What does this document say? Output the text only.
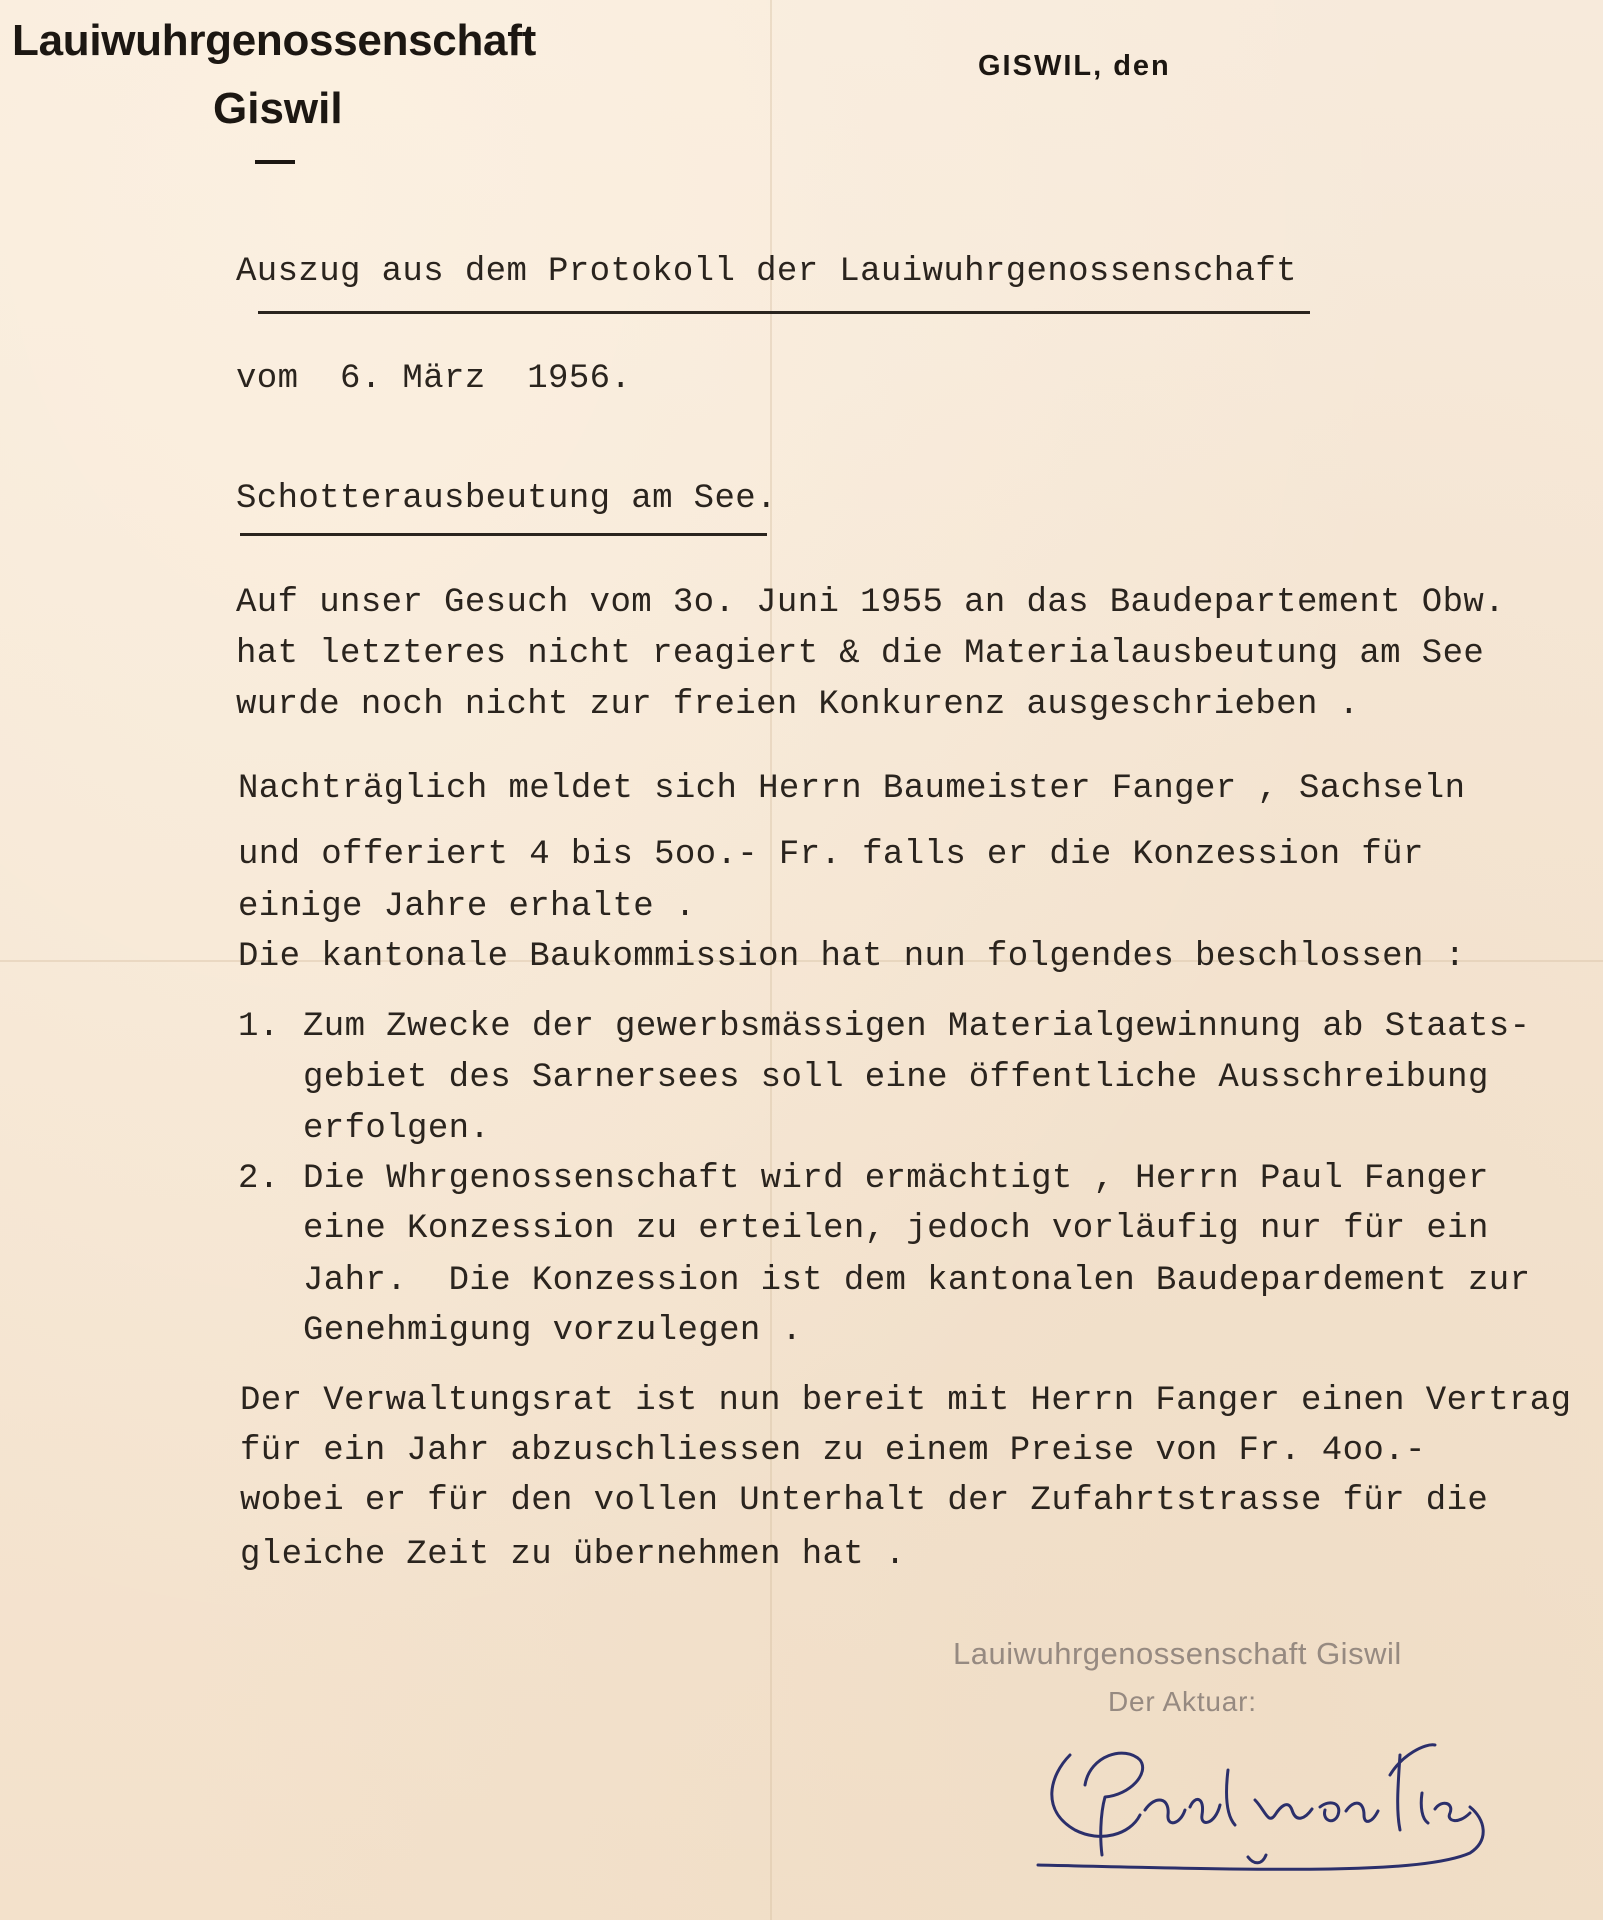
Lauiwuhrgenossenschaft
Giswil
GISWIL, den
Auszug aus dem Protokoll der Lauiwuhrgenossenschaft
vom  6. März  1956.
Schotterausbeutung am See.
Auf unser Gesuch vom 3o. Juni 1955 an das Baudepartement Obw.
hat letzteres nicht reagiert & die Materialausbeutung am See
wurde noch nicht zur freien Konkurenz ausgeschrieben .
Nachträglich meldet sich Herrn Baumeister Fanger , Sachseln
und offeriert 4 bis 5oo.- Fr. falls er die Konzession für
einige Jahre erhalte .
Die kantonale Baukommission hat nun folgendes beschlossen :
1. Zum Zwecke der gewerbsmässigen Materialgewinnung ab Staats-
gebiet des Sarnersees soll eine öffentliche Ausschreibung
erfolgen.
2. Die Whrgenossenschaft wird ermächtigt , Herrn Paul Fanger
eine Konzession zu erteilen, jedoch vorläufig nur für ein
Jahr.  Die Konzession ist dem kantonalen Baudepardement zur
Genehmigung vorzulegen .
Der Verwaltungsrat ist nun bereit mit Herrn Fanger einen Vertrag
für ein Jahr abzuschliessen zu einem Preise von Fr. 4oo.-
wobei er für den vollen Unterhalt der Zufahrtstrasse für die
gleiche Zeit zu übernehmen hat .
Lauiwuhrgenossenschaft Giswil
Der Aktuar:
